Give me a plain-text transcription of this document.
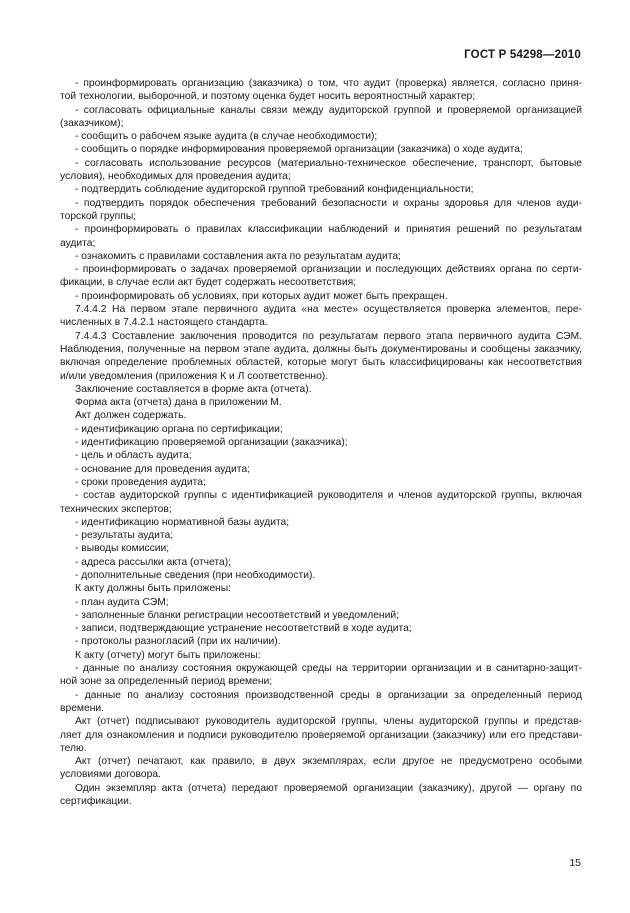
ГОСТ Р 54298—2010
- проинформировать организацию (заказчика) о том, что аудит (проверка) является, согласно приня-
той технологии, выборочной, и поэтому оценка будет носить вероятностный характер;
- согласовать официальные каналы связи между аудиторской группой и проверяемой организацией
(заказчиком);
- сообщить о рабочем языке аудита (в случае необходимости);
- сообщить о порядке информирования проверяемой организации (заказчика) о ходе аудита;
- согласовать использование ресурсов (материально-техническое обеспечение, транспорт, бытовые
условия), необходимых для проведения аудита;
- подтвердить соблюдение аудиторской группой требований конфиденциальности;
- подтвердить порядок обеспечения требований безопасности и охраны здоровья для членов ауди-
торской группы;
- проинформировать о правилах классификации наблюдений и принятия решений по результатам
аудита;
- ознакомить с правилами составления акта по результатам аудита;
- проинформировать о задачах проверяемой организации и последующих действиях органа по серти-
фикации, в случае если акт будет содержать несоответствия;
- проинформировать об условиях, при которых аудит может быть прекращен.
7.4.4.2 На первом этапе первичного аудита «на месте» осуществляется проверка элементов, пере-
численных в 7.4.2.1 настоящего стандарта.
7.4.4.3 Составление заключения проводится по результатам первого этапа первичного аудита СЭМ.
Наблюдения, полученные на первом этапе аудита, должны быть документированы и сообщены заказчику,
включая определение проблемных областей, которые могут быть классифицированы как несоответствия
и/или уведомления (приложения К и Л соответственно).
Заключение составляется в форме акта (отчета).
Форма акта (отчета) дана в приложении М.
Акт должен содержать.
- идентификацию органа по сертификации;
- идентификацию проверяемой организации (заказчика);
- цель и область аудита;
- основание для проведения аудита;
- сроки проведения аудита;
- состав аудиторской группы с идентификацией руководителя и членов аудиторской группы, включая
технических экспертов;
- идентификацию нормативной базы аудита;
- результаты аудита;
- выводы комиссии;
- адреса рассылки акта (отчета);
- дополнительные сведения (при необходимости).
К акту должны быть приложены:
- план аудита СЭМ;
- заполненные бланки регистрации несоответствий и уведомлений;
- записи, подтверждающие устранение несоответствий в ходе аудита;
- протоколы разногласий (при их наличии).
К акту (отчету) могут быть приложены:
- данные по анализу состояния окружающей среды на территории организации и в санитарно-защит-
ной зоне за определенный период времени;
- данные по анализу состояния производственной среды в организации за определенный период
времени.
Акт (отчет) подписывают руководитель аудиторской группы, члены аудиторской группы и представ-
ляет для ознакомления и подписи руководителю проверяемой организации (заказчику) или его представи-
телю.
Акт (отчет) печатают, как правило, в двух экземплярах, если другое не предусмотрено особыми
условиями договора.
Один экземпляр акта (отчета) передают проверяемой организации (заказчику), другой — органу по
сертификации.
15
